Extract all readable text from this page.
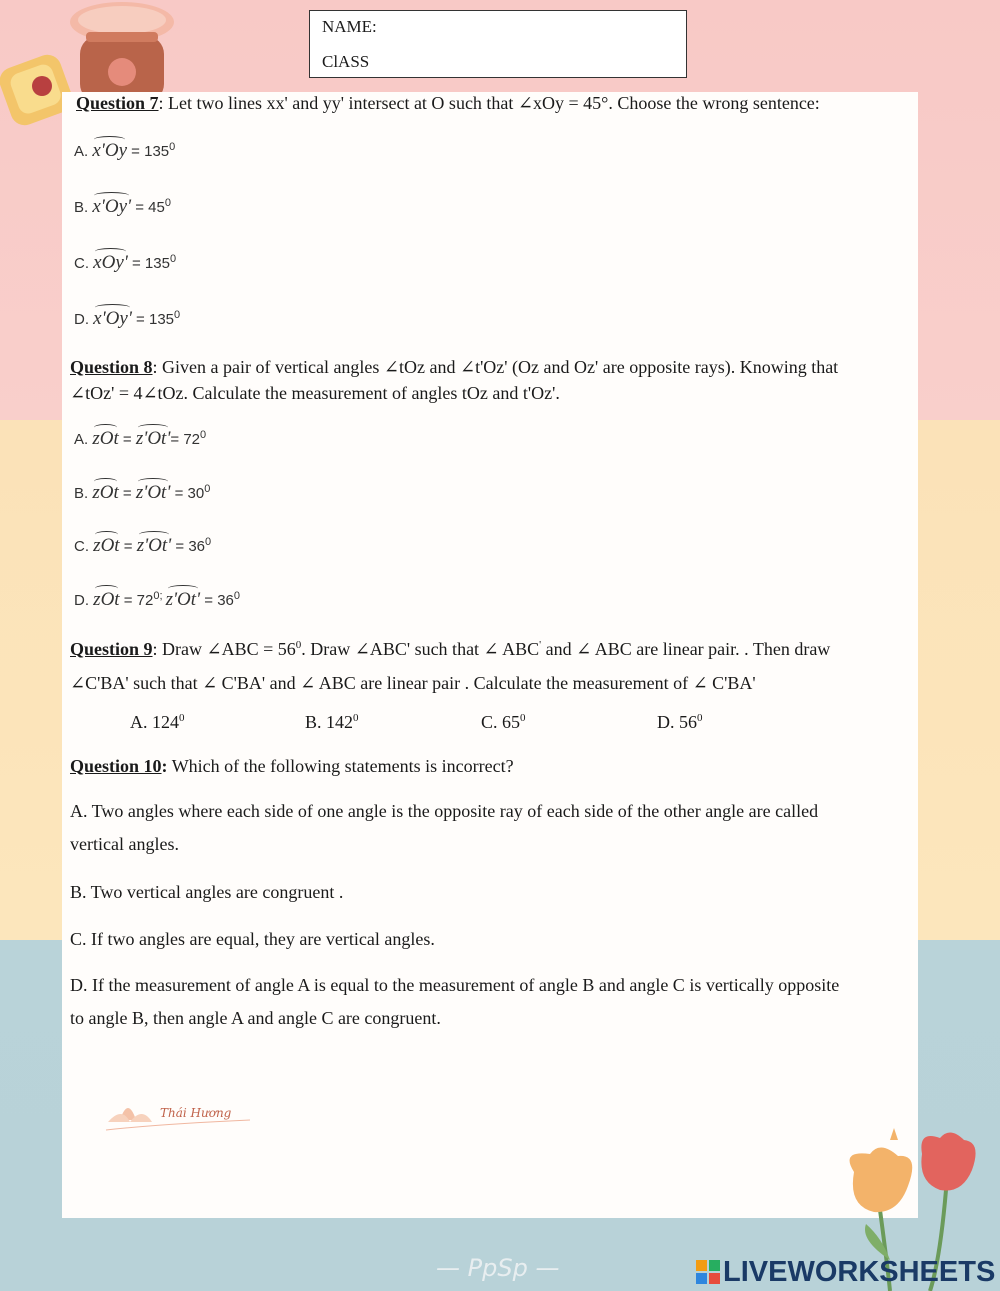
NAME:
ClASS
Question 7: Let two lines xx' and yy' intersect at O such that ∠xOy = 45°. Choose the wrong sentence:
A. $x'Oy = 135^0$
B. $x'Oy' = 45^0$
C. $xOy' = 135^0$
D. $x'Oy' = 135^0$
Question 8: Given a pair of vertical angles ∠tOz and ∠t'Oz' (Oz and Oz' are opposite rays). Knowing that
∠tOz' = 4∠tOz. Calculate the measurement of angles tOz and t'Oz'.
A. zOt = $z'Ot'= 72^0$
B. zOt = $z'Ot' = 30^0$
C. zOt = $z'Ot' = 36^0$
D. zOt = $72^{0;}$ $z'Ot' = 36^0$
Question 9: Draw ∠ABC = $56^0$. Draw ∠ABC' such that ∠ ABC' and ∠ ABC are linear pair. . Then draw
∠C'BA' such that ∠ C'BA' and ∠ ABC are linear pair . Calculate the measurement of ∠ C'BA'
A. $124^0$	B. $142^0$	C. $65^0$	D. $56^0$
Question 10: Which of the following statements is incorrect?
A. Two angles where each side of one angle is the opposite ray of each side of the other angle are called
vertical angles.
B. Two vertical angles are congruent .
C. If two angles are equal, they are vertical angles.
D. If the measurement of angle A is equal to the measurement of angle B and angle C is vertically opposite
to angle B, then angle A and angle C are congruent.
Thái Hương
— PpSp —	LIVEWORKSHEETS
